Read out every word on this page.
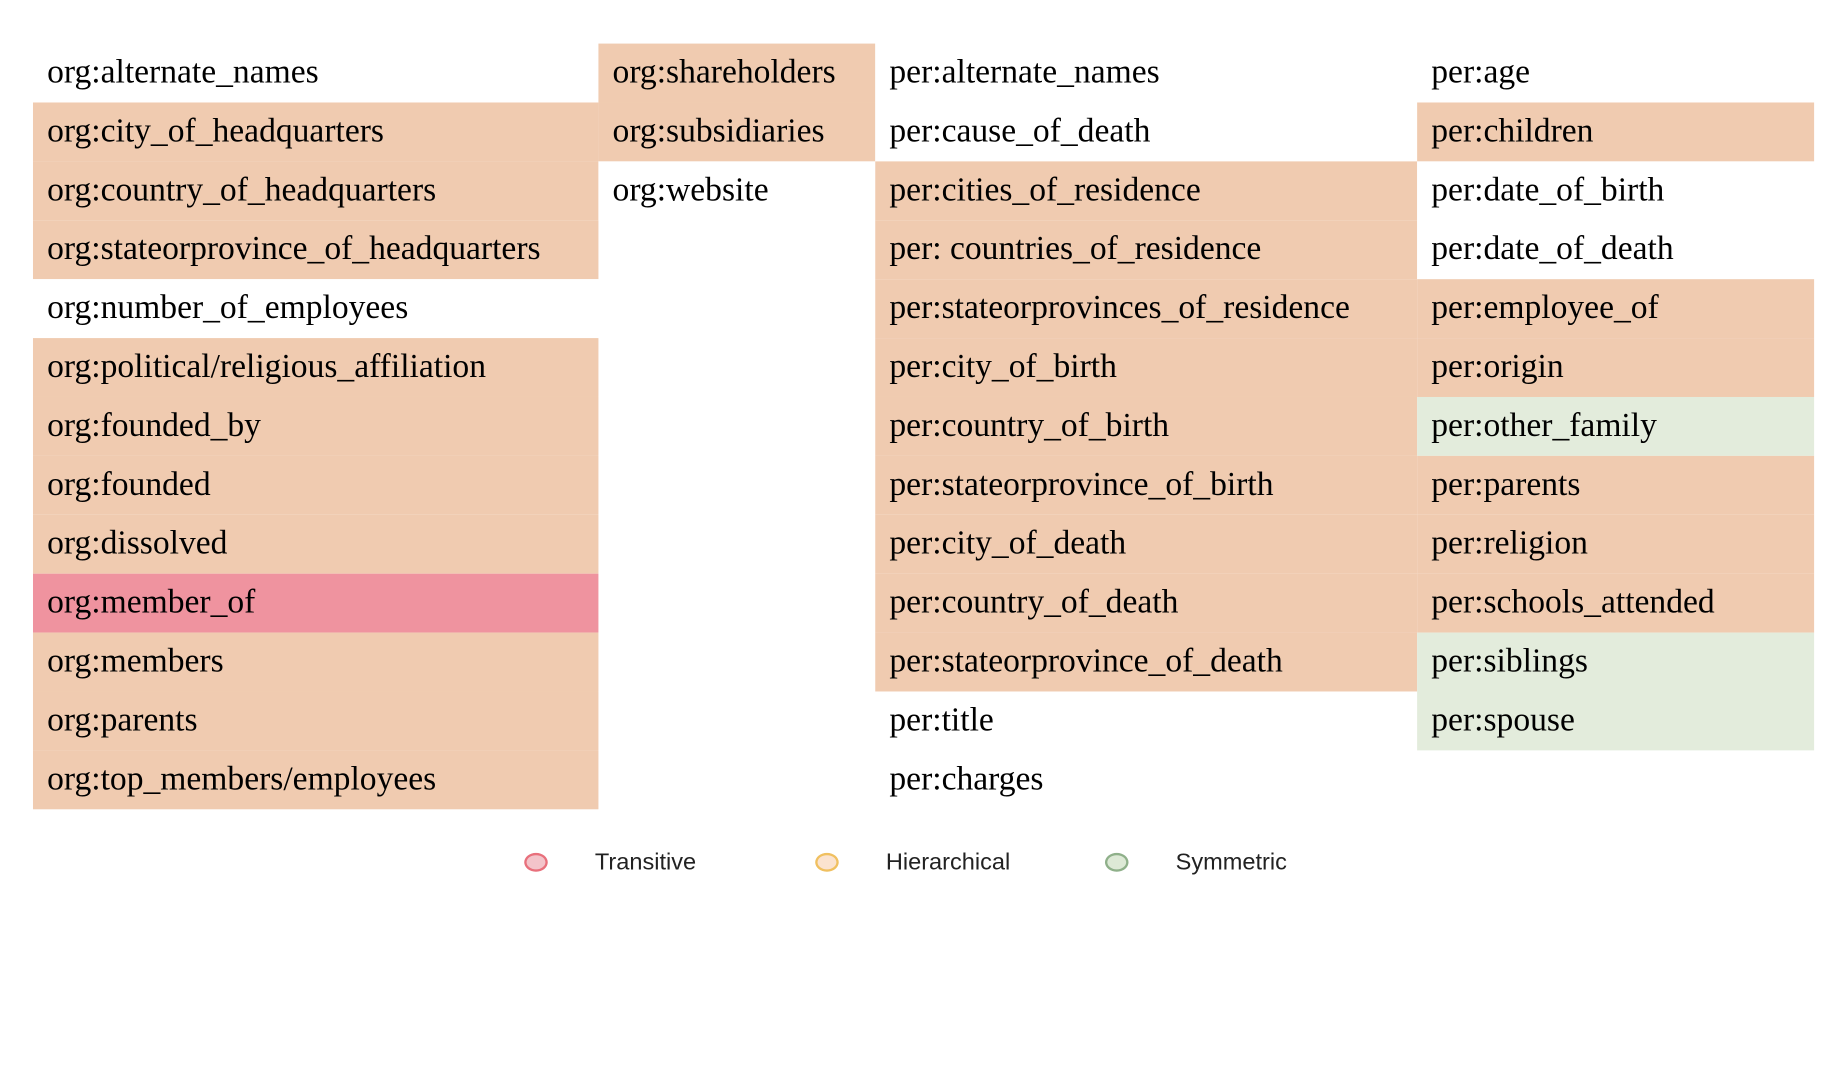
org:alternate_names
org:city_of_headquarters
org:country_of_headquarters
org:stateorprovince_of_headquarters
org:number_of_employees
org:political/religious_affiliation
org:founded_by
org:founded
org:dissolved
org:member_of
org:members
org:parents
org:top_members/employees
org:shareholders
org:subsidiaries
org:website
per:alternate_names
per:cause_of_death
per:cities_of_residence
per: countries_of_residence
per:stateorprovinces_of_residence
per:city_of_birth
per:country_of_birth
per:stateorprovince_of_birth
per:city_of_death
per:country_of_death
per:stateorprovince_of_death
per:title
per:charges
per:age
per:children
per:date_of_birth
per:date_of_death
per:employee_of
per:origin
per:other_family
per:parents
per:religion
per:schools_attended
per:siblings
per:spouse
Transitive	Hierarchical	Symmetric
